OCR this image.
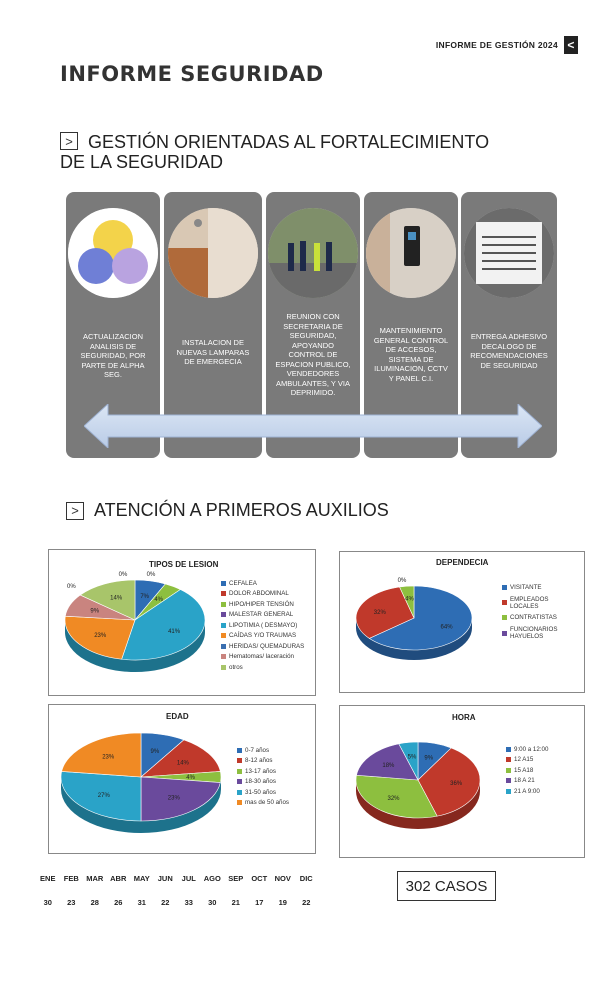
INFORME DE GESTIÓN 2024 <
INFORME SEGURIDAD
> GESTIÓN ORIENTADAS AL FORTALECIMIENTO
DE LA SEGURIDAD
ACTUALIZACION ANALISIS DE SEGURIDAD, POR PARTE DE ALPHA SEG.
INSTALACION DE NUEVAS LAMPARAS DE EMERGECIA
REUNION CON SECRETARIA DE SEGURIDAD, APOYANDO CONTROL DE ESPACION PUBLICO, VENDEDORES AMBULANTES, Y VIA DEPRIMIDO.
MANTENIMIENTO GENERAL CONTROL DE ACCESOS, SISTEMA DE ILUMINACION, CCTV Y PANEL C.I.
ENTREGA ADHESIVO DECALOGO DE RECOMENDACIONES DE SEGURIDAD
> ATENCIÓN A PRIMEROS AUXILIOS
TIPOS DE LESION
7%
4%
41%
23%
9%
14%
0%	0%
0%
CEFALEA
DOLOR ABDOMINAL
HIPO/HIPER TENSIÓN
MALESTAR GENERAL
LIPOTIMIA ( DESMAYO)
CAÍDAS Y/O TRAUMAS
HERIDAS/ QUEMADURAS
Hematomas/ laceración
otros
DEPENDECIA
64%
32%
4%
0%
VISITANTE
EMPLEADOS LOCALES
CONTRATISTAS
FUNCIONARIOS HAYUELOS
EDAD
9%
14%
4%
23%
27%
23%
0-7 años
8-12 años
13-17 años
18-30 años
31-50 años
mas de 50 años
HORA
9%
36%
32%
18%
5%
9:00 a 12:00
12 A15
15 A18
18 A 21
21 A 9:00
ENE	FEB	MAR	ABR	MAY	JUN	JUL	AGO	SEP	OCT	NOV	DIC
30	23	28	26	31	22	33	30	21	17	19	22
302 CASOS
